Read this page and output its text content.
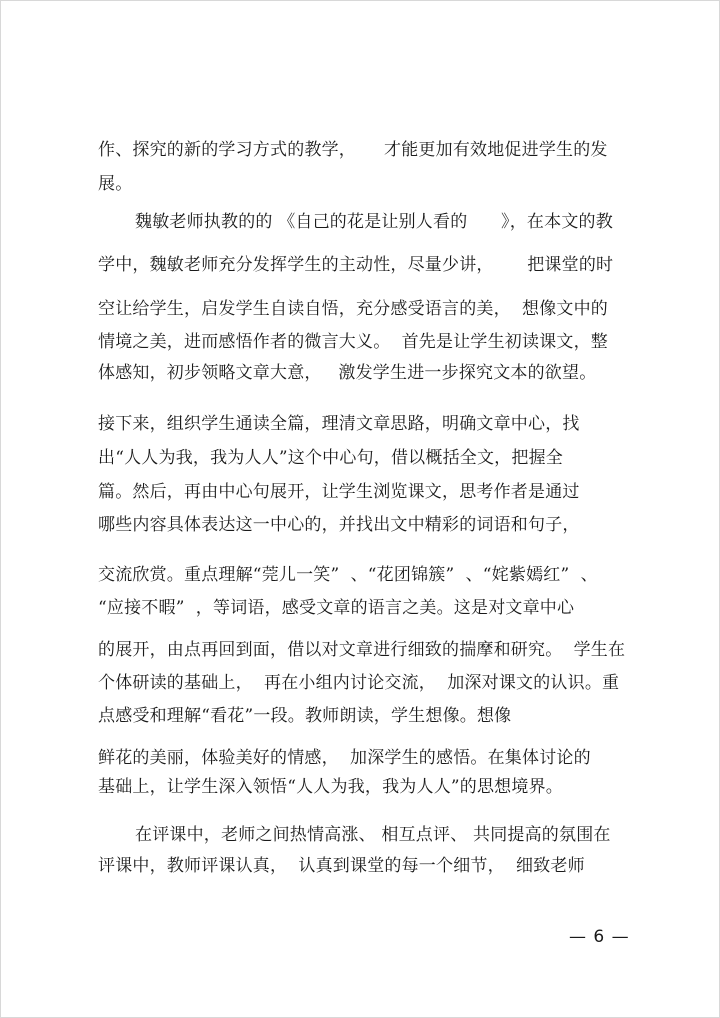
作、探究的新的学习方式的教学，     才能更加有效地促进学生的发
展。
魏敏老师执教的的 《自己的花是让别人看的      》，在本文的教
学中，魏敏老师充分发挥学生的主动性，尽量少讲，      把课堂的时
空让给学生，启发学生自读自悟，充分感受语言的美，  想像文中的
情境之美，进而感悟作者的微言大义。  首先是让学生初读课文，整
体感知，初步领略文章大意，   激发学生进一步探究文本的欲望。
接下来，组织学生通读全篇，理清文章思路，明确文章中心，找
出“人人为我，我为人人”这个中心句，借以概括全文，把握全
篇。然后，再由中心句展开，让学生浏览课文，思考作者是通过
哪些内容具体表达这一中心的，并找出文中精彩的词语和句子，
交流欣赏。重点理解“莞儿一笑”  、“花团锦簇”  、“姹紫嫣红”  、
“应接不暇”  ，等词语，感受文章的语言之美。这是对文章中心
的展开，由点再回到面，借以对文章进行细致的揣摩和研究。  学生在
个体研读的基础上，  再在小组内讨论交流，  加深对课文的认识。重
点感受和理解“看花”一段。教师朗读，学生想像。想像
鲜花的美丽，体验美好的情感，  加深学生的感悟。在集体讨论的
基础上，让学生深入领悟“人人为我，我为人人”的思想境界。
在评课中，老师之间热情高涨、 相互点评、 共同提高的氛围在
评课中，教师评课认真，  认真到课堂的每一个细节，  细致老师
— 6 —
